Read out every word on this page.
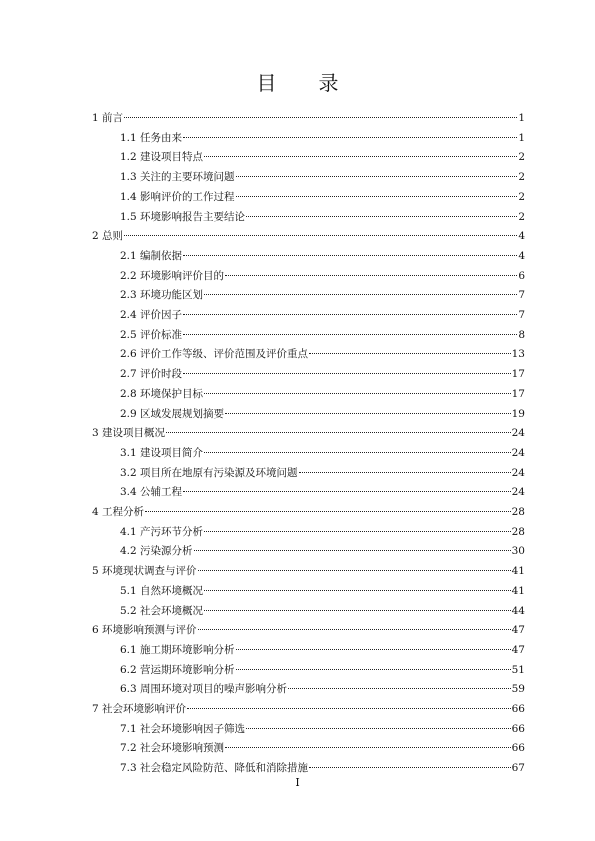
目录
1 前言	1
1.1 任务由来	1
1.2 建设项目特点	2
1.3 关注的主要环境问题	2
1.4 影响评价的工作过程	2
1.5 环境影响报告主要结论	2
2 总则	4
2.1 编制依据	4
2.2 环境影响评价目的	6
2.3 环境功能区划	7
2.4 评价因子	7
2.5 评价标准	8
2.6 评价工作等级、评价范围及评价重点	13
2.7 评价时段	17
2.8 环境保护目标	17
2.9 区域发展规划摘要	19
3 建设项目概况	24
3.1 建设项目简介	24
3.2 项目所在地原有污染源及环境问题	24
3.4 公辅工程	24
4 工程分析	28
4.1 产污环节分析	28
4.2 污染源分析	30
5 环境现状调查与评价	41
5.1 自然环境概况	41
5.2 社会环境概况	44
6 环境影响预测与评价	47
6.1 施工期环境影响分析	47
6.2 营运期环境影响分析	51
6.3 周围环境对项目的噪声影响分析	59
7 社会环境影响评价	66
7.1 社会环境影响因子筛选	66
7.2 社会环境影响预测	66
7.3 社会稳定风险防范、降低和消除措施	67
I
